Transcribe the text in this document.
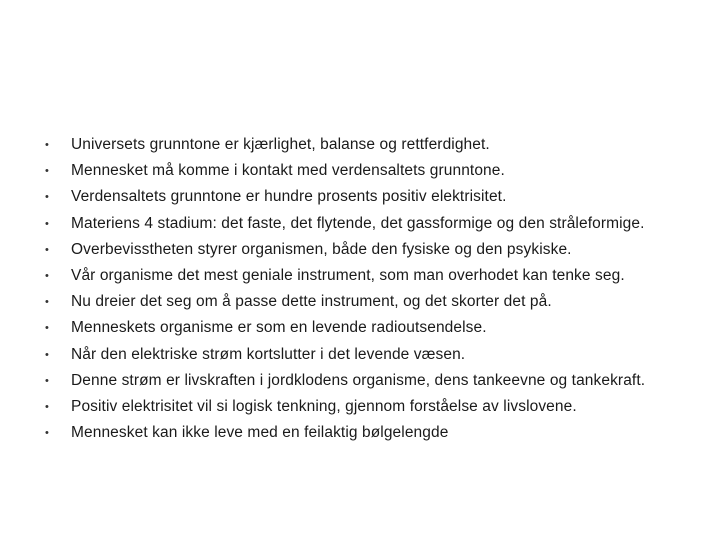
• Universets grunntone er kjærlighet, balanse og rettferdighet.
• Mennesket må komme i kontakt med verdensaltets grunntone.
• Verdensaltets grunntone er hundre prosents positiv elektrisitet.
• Materiens 4 stadium: det faste, det flytende, det gassformige og den stråleformige.
• Overbevisstheten styrer organismen, både den fysiske og den psykiske.
• Vår organisme det mest geniale instrument, som man overhodet kan tenke seg.
• Nu dreier det seg om å passe dette instrument, og det skorter det på.
• Menneskets organisme er som en levende radioutsendelse.
• Når den elektriske strøm kortslutter i det levende væsen.
• Denne strøm er livskraften i jordklodens organisme, dens tankeevne og tankekraft.
• Positiv elektrisitet vil si logisk tenkning, gjennom forståelse av livslovene.
• Mennesket kan ikke leve med en feilaktig bølgelengde
